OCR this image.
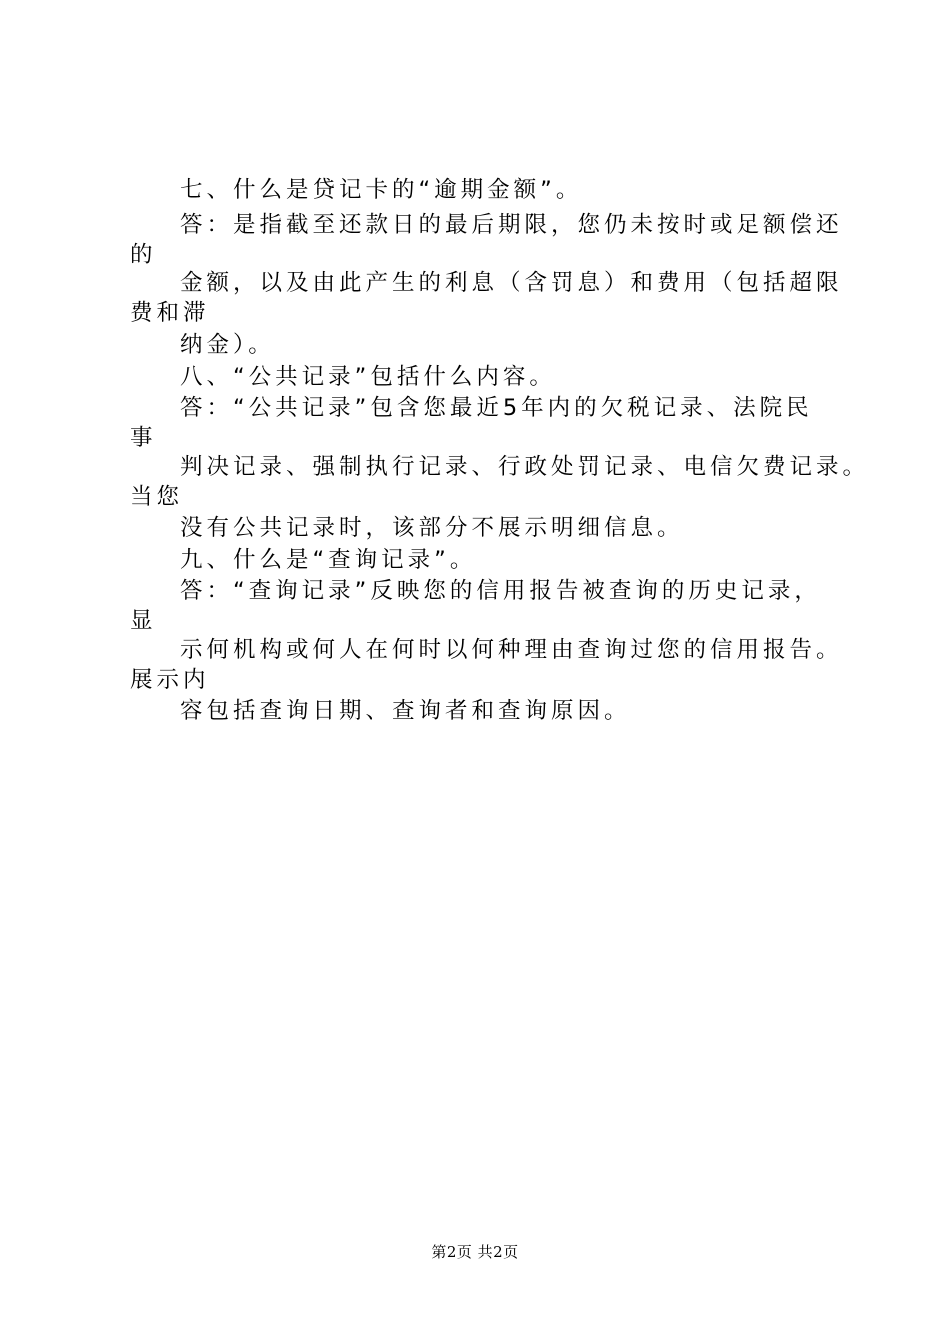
七、什么是贷记卡的“逾期金额”。
答：是指截至还款日的最后期限，您仍未按时或足额偿还
的
金额，以及由此产生的利息（含罚息）和费用（包括超限
费和滞
纳金）。
八、“公共记录”包括什么内容。
答：“公共记录”包含您最近5年内的欠税记录、法院民
事
判决记录、强制执行记录、行政处罚记录、电信欠费记录。
当您
没有公共记录时，该部分不展示明细信息。
九、什么是“查询记录”。
答：“查询记录”反映您的信用报告被查询的历史记录，
显
示何机构或何人在何时以何种理由查询过您的信用报告。
展示内
容包括查询日期、查询者和查询原因。
第2页 共2页
